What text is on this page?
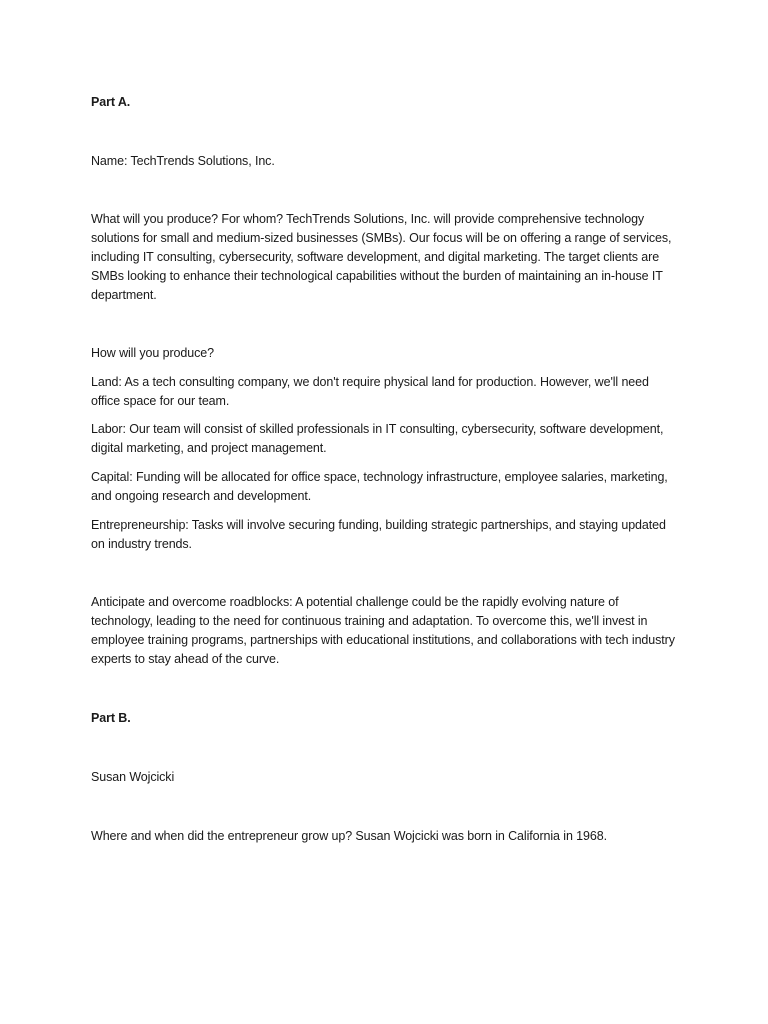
Part A.

Name: TechTrends Solutions, Inc.

What will you produce? For whom? TechTrends Solutions, Inc. will provide comprehensive technology solutions for small and medium-sized businesses (SMBs). Our focus will be on offering a range of services, including IT consulting, cybersecurity, software development, and digital marketing. The target clients are SMBs looking to enhance their technological capabilities without the burden of maintaining an in-house IT department.

How will you produce?

Land: As a tech consulting company, we don't require physical land for production. However, we'll need office space for our team.

Labor: Our team will consist of skilled professionals in IT consulting, cybersecurity, software development, digital marketing, and project management.

Capital: Funding will be allocated for office space, technology infrastructure, employee salaries, marketing, and ongoing research and development.

Entrepreneurship: Tasks will involve securing funding, building strategic partnerships, and staying updated on industry trends.

Anticipate and overcome roadblocks: A potential challenge could be the rapidly evolving nature of technology, leading to the need for continuous training and adaptation. To overcome this, we'll invest in employee training programs, partnerships with educational institutions, and collaborations with tech industry experts to stay ahead of the curve.

Part B.

Susan Wojcicki

Where and when did the entrepreneur grow up? Susan Wojcicki was born in California in 1968.
